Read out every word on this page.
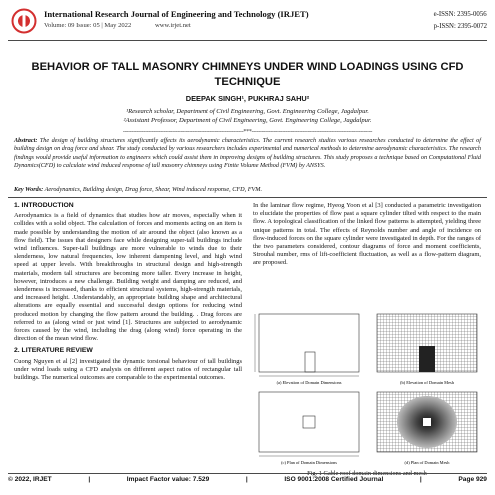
International Research Journal of Engineering and Technology (IRJET)
Volume: 09 Issue: 05 | May 2022	www.irjet.net
e-ISSN: 2395-0056
p-ISSN: 2395-0072
BEHAVIOR OF TALL MASONRY CHIMNEYS UNDER WIND LOADINGS USING CFD TECHNIQUE
DEEPAK SINGH¹, PUKHRAJ SAHU²
¹Research scholar, Department of Civil Engineering, Govt. Engineering College, Jagdalpur.
²Assistant Professor, Department of Civil Engineering, Govt. Engineering College, Jagdalpur.
-----------------------------------------------------------------------***-----------------------------------------------------------------------
Abstract: The design of building structures significantly affects its aerodynamic characteristics. The current research studies various researches conducted to determine the effect of building design on drag force and shear. The study conducted by various researchers includes experimental and numerical methods to determine aerodynamic characteristics. The research findings would provide useful information to engineers which could assist them in improving designs of building structures. This study proposes a technique based on Computational Fluid Dynamics(CFD) to calculate wind induced response of tall masonry chimneys using Finite Volume Method (FVM) by ANSYS.
Key Words: Aerodynamics, Building design, Drag force, Shear, Wind induced response, CFD, FVM.
1. INTRODUCTION

Aerodynamics is a field of dynamics that studies how air moves, especially when it collides with a solid object. The calculation of forces and moments acting on an item is made possible by understanding the motion of air around the object (also known as a flow field). The issues that designers face while designing super-tall buildings include wind influences. Super-tall buildings are more vulnerable to winds due to their slenderness, low natural frequencies, low inherent dampening level, and high wind speed at upper levels. With breakthroughs in structural design and high-strength materials, modern tall structures are becoming more taller. Every increase in height, however, introduces a new challenge. Building weight and damping are reduced, and slenderness is increased, thanks to efficient structural systems, high-strength materials, and increased height. .Understandably, an appropriate building shape and architectural alterations are equally essential and successful design options for reducing wind produced motion by changing the flow pattern around the building. . Drag forces are referred to as (along wind or just wind [1]. Structures are subjected to aerodynamic forces caused by the wind, including the drag (along wind) force operating in the direction of the mean wind flow.

2. LITERATURE REVIEW

Cuong Nguyen et al [2] investigated the dynamic torsional behaviour of tall buildings under wind loads using a CFD analysis on different aspect ratios of rectangular tall buildings. The numerical outcomes are comparable to the experimental outcomes.

In the laminar flow regime, Hyeog Yoon et al [3] conducted a parametric investigation to elucidate the properties of flow past a square cylinder tilted with respect to the main flow. A topological classification of the linked flow patterns is attempted, yielding three unique patterns in total. The effects of Reynolds number and angle of incidence on flow-induced forces on the square cylinder were investigated in depth. For the ranges of the two parameters considered, contour diagrams of force and moment coefficients, Strouhal number, rms of lift-coefficient fluctuation, as well as a flow-pattern diagram, are proposed.

(a) Elevation of Domain Dimensions	(b) Elevation of Domain Mesh
(c) Plan of Domain Dimensions	(d) Plan of Domain Mesh
Fig. 1 Gable roof domain dimensions and mesh
© 2022, IRJET	|	Impact Factor value: 7.529	|	ISO 9001:2008 Certified Journal	|	Page 929
